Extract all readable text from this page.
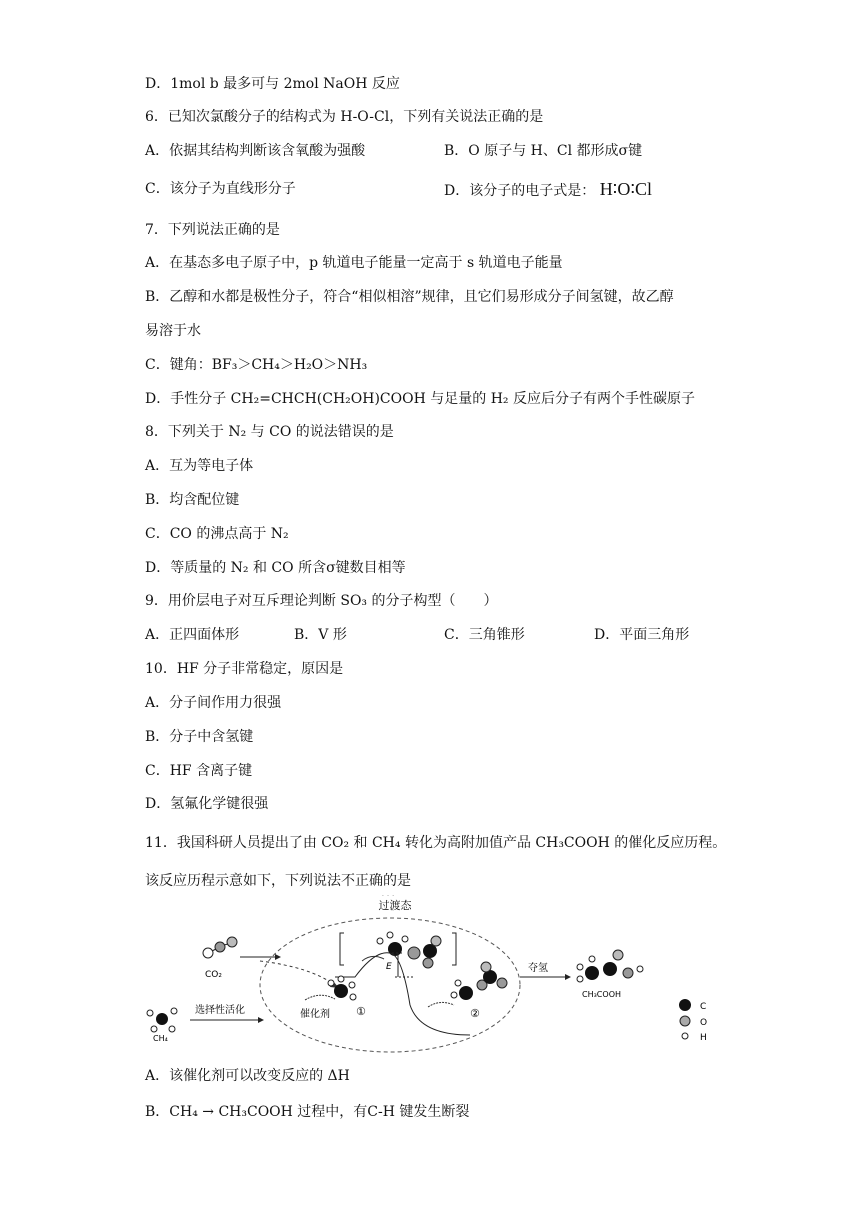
D．1mol b 最多可与 2mol NaOH 反应
6．已知次氯酸分子的结构式为 H-O-Cl，下列有关说法正确的是
A．依据其结构判断该含氧酸为强酸	B．O 原子与 H、Cl 都形成σ键
C．该分子为直线形分子	D．该分子的电子式是： H∶O∶Cl
7．下列说法正确的是
A．在基态多电子原子中，p 轨道电子能量一定高于 s 轨道电子能量
B．乙醇和水都是极性分子，符合“相似相溶”规律，且它们易形成分子间氢键，故乙醇
易溶于水
C．键角：BF₃＞CH₄＞H₂O＞NH₃
D．手性分子 CH₂=CHCH(CH₂OH)COOH 与足量的 H₂ 反应后分子有两个手性碳原子
8．下列关于 N₂ 与 CO 的说法错误的是
A．互为等电子体
B．均含配位键
C．CO 的沸点高于 N₂
D．等质量的 N₂ 和 CO 所含σ键数目相等
9．用价层电子对互斥理论判断 SO₃ 的分子构型（　　）
A．正四面体形	B．V 形	C．三角锥形	D．平面三角形
10．HF 分子非常稳定，原因是
A．分子间作用力很强
B．分子中含氢键
C．HF 含离子键
D．氢氟化学键很强
11．我国科研人员提出了由 CO₂ 和 CH₄ 转化为高附加值产品 CH₃COOH 的催化反应历程。
该反应历程示意如下，下列说法不正确的是
过渡态
· · ·
CO₂
CH₄
选择性活化
E
催化剂 ①	②
夺氢
CH₃COOH
C
O
H
A．该催化剂可以改变反应的 ΔH
B．CH₄ → CH₃COOH 过程中，有C-H 键发生断裂
